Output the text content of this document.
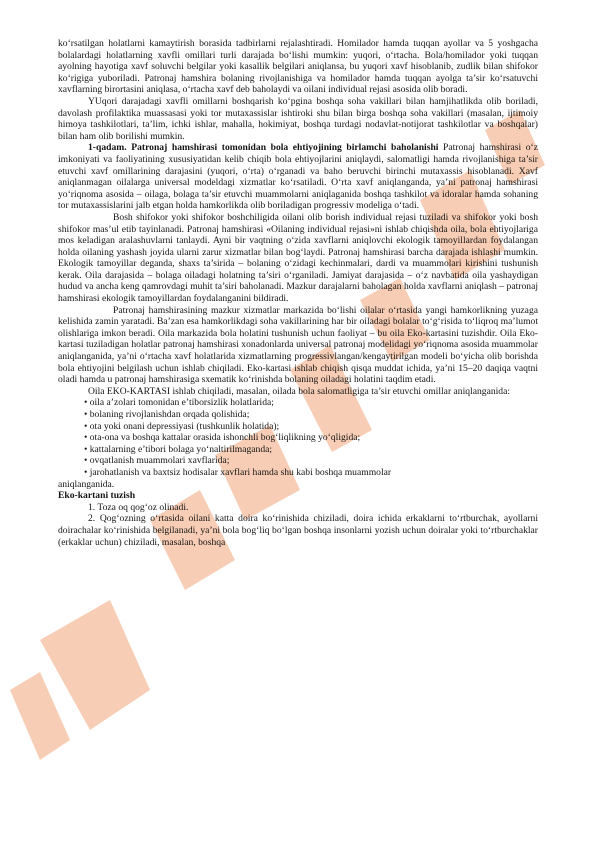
ko‘rsatilgan holatlarni kamaytirish borasida tadbirlarni rejalashtiradi. Homilador hamda tuqqan ayollar va 5 yoshgacha bolalardagi holatlarning xavfli omillari turli darajada bo‘lishi mumkin: yuqori, o‘rtacha. Bola/homilador yoki tuqqan ayolning hayotiga xavf soluvchi belgilar yoki kasallik belgilari aniqlansa, bu yuqori xavf hisoblanib, zudlik bilan shifokor ko‘rigiga yuboriladi. Patronaj hamshira bolaning rivojlanishiga va homilador hamda tuqqan ayolga ta’sir ko‘rsatuvchi xavflarning birortasini aniqlasa, o‘rtacha xavf deb baholaydi va oilani individual rejasi asosida olib boradi.

YUqori darajadagi xavfli omillarni boshqarish ko‘pgina boshqa soha vakillari bilan hamjihatlikda olib boriladi, davolash profilaktika muassasasi yoki tor mutaxassislar ishtiroki shu bilan birga boshqa soha vakillari (masalan, ijtimoiy himoya tashkilotlari, ta’lim, ichki ishlar, mahalla, hokimiyat, boshqa turdagi nodavlat-notijorat tashkilotlar va boshqalar) bilan ham olib borilishi mumkin.

1-qadam. Patronaj hamshirasi tomonidan bola ehtiyojining birlamchi baholanishi Patronaj hamshirasi o‘z imkoniyati va faoliyatining xususiyatidan kelib chiqib bola ehtiyojlarini aniqlaydi, salomatligi hamda rivojlanishiga ta’sir etuvchi xavf omillarining darajasini (yuqori, o‘rta) o‘rganadi va baho beruvchi birinchi mutaxassis hisoblanadi. Xavf aniqlanmagan oilalarga universal modeldagi xizmatlar ko‘rsatiladi. O‘rta xavf aniqlanganda, ya’ni patronaj hamshirasi yo‘riqnoma asosida – oilaga, bolaga ta’sir etuvchi muammolarni aniqlaganida boshqa tashkilot va idoralar hamda sohaning tor mutaxassislarini jalb etgan holda hamkorlikda olib boriladigan progressiv modeliga o‘tadi.

Bosh shifokor yoki shifokor boshchiligida oilani olib borish individual rejasi tuziladi va shifokor yoki bosh shifokor mas’ul etib tayinlanadi. Patronaj hamshirasi «Oilaning individual rejasi»ni ishlab chiqishda oila, bola ehtiyojlariga mos keladigan aralashuvlarni tanlaydi. Ayni bir vaqtning o‘zida xavflarni aniqlovchi ekologik tamoyillardan foydalangan holda oilaning yashash joyida ularni zarur xizmatlar bilan bog‘laydi. Patronaj hamshirasi barcha darajada ishlashi mumkin. Ekologik tamoyillar deganda, shaxs ta’sirida – bolaning o‘zidagi kechinmalari, dardi va muammolari kirishini tushunish kerak. Oila darajasida – bolaga oiladagi holatning ta’siri o‘rganiladi. Jamiyat darajasida – o‘z navbatida oila yashaydigan hudud va ancha keng qamrovdagi muhit ta’siri baholanadi. Mazkur darajalarni baholagan holda xavflarni aniqlash – patronaj hamshirasi ekologik tamoyillardan foydalanganini bildiradi.

Patronaj hamshirasining mazkur xizmatlar markazida bo‘lishi oilalar o‘rtasida yangi hamkorlikning yuzaga kelishida zamin yaratadi. Ba’zan esa hamkorlikdagi soha vakillarining har bir oiladagi bolalar to‘g‘risida to‘liqroq ma’lumot olishlariga imkon beradi. Oila markazida bola holatini tushunish uchun faoliyat – bu oila Eko-kartasini tuzishdir. Oila Eko-kartasi tuziladigan holatlar patronaj hamshirasi xonadonlarda universal patronaj modelidagi yo‘riqnoma asosida muammolar aniqlanganida, ya’ni o‘rtacha xavf holatlarida xizmatlarning progressivlangan/kengaytirilgan modeli bo‘yicha olib borishda bola ehtiyojini belgilash uchun ishlab chiqiladi. Eko-kartasi ishlab chiqish qisqa muddat ichida, ya’ni 15–20 daqiqa vaqtni oladi hamda u patronaj hamshirasiga sxematik ko‘rinishda bolaning oiladagi holatini taqdim etadi.

Oila EKO-KARTASI ishlab chiqiladi, masalan, oilada bola salomatligiga ta’sir etuvchi omillar aniqlanganida:

• oila a’zolari tomonidan e’tiborsizlik holatlarida;

• bolaning rivojlanishdan orqada qolishida;

• ota yoki onani depressiyasi (tushkunlik holatida);

• ota-ona va boshqa kattalar orasida ishonchli bog‘liqlikning yo‘qligida;

• kattalarning e’tibori bolaga yo‘naltirilmaganda;

• ovqatlanish muammolari xavflarida;

• jarohatlanish va baxtsiz hodisalar xavflari hamda shu kabi boshqa muammolar

aniqlanganida.

Eko-kartani tuzish

1. Toza oq qog‘oz olinadi.

2. Qog‘ozning o‘rtasida oilani katta doira ko‘rinishida chiziladi, doira ichida erkaklarni to‘rtburchak, ayollarni doirachalar ko‘rinishida belgilanadi, ya’ni bola bog‘liq bo‘lgan boshqa insonlarni yozish uchun doiralar yoki to‘rtburchaklar (erkaklar uchun) chiziladi, masalan, boshqa
